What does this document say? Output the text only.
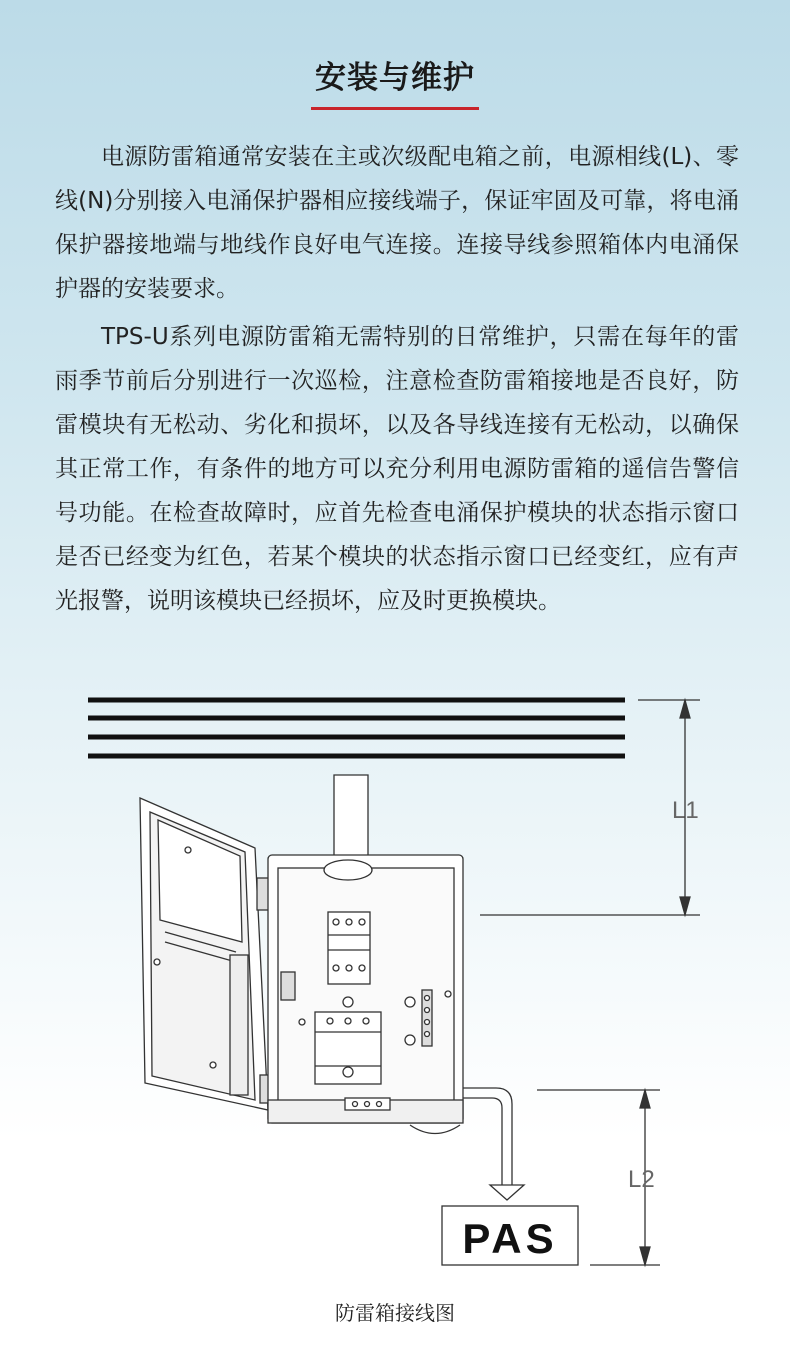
安装与维护

电源防雷箱通常安装在主或次级配电箱之前，电源相线(L)、零线(N)分别接入电涌保护器相应接线端子，保证牢固及可靠，将电涌保护器接地端与地线作良好电气连接。连接导线参照箱体内电涌保护器的安装要求。

TPS-U系列电源防雷箱无需特别的日常维护，只需在每年的雷雨季节前后分别进行一次巡检，注意检查防雷箱接地是否良好，防雷模块有无松动、劣化和损坏，以及各导线连接有无松动，以确保其正常工作，有条件的地方可以充分利用电源防雷箱的遥信告警信号功能。在检查故障时，应首先检查电涌保护模块的状态指示窗口是否已经变为红色，若某个模块的状态指示窗口已经变红，应有声光报警，说明该模块已经损坏，应及时更换模块。

L1
PAS
L2
防雷箱接线图
